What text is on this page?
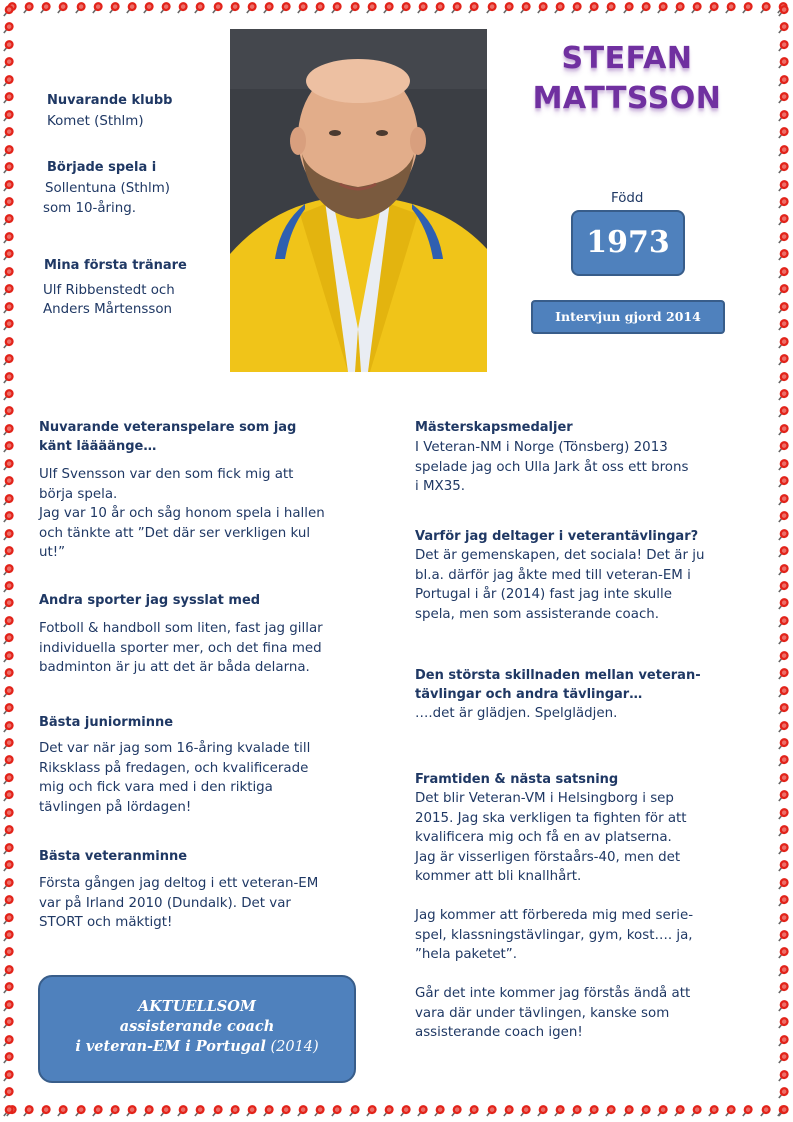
Nuvarande klubb
Komet (Sthlm)
Började spela i
Sollentuna (Sthlm)
som 10-åring.
Mina första tränare
Ulf Ribbenstedt och
Anders Mårtensson
STEFAN
MATTSSON
Född
1973
Intervjun gjord 2014
Nuvarande veteranspelare som jag
känt läääänge…
Ulf Svensson var den som fick mig att
börja spela.
Jag var 10 år och såg honom spela i hallen
och tänkte att ”Det där ser verkligen kul
ut!”
Andra sporter jag sysslat med
Fotboll & handboll som liten, fast jag gillar
individuella sporter mer, och det fina med
badminton är ju att det är båda delarna.
Bästa juniorminne
Det var när jag som 16-åring kvalade till
Riksklass på fredagen, och kvalificerade
mig och fick vara med i den riktiga
tävlingen på lördagen!
Bästa veteranminne
Första gången jag deltog i ett veteran-EM
var på Irland 2010 (Dundalk). Det var
STORT och mäktigt!
AKTUELLSOM
assisterande coach
i veteran-EM i Portugal (2014)
Mästerskapsmedaljer
I Veteran-NM i Norge (Tönsberg) 2013
spelade jag och Ulla Jark åt oss ett brons
i MX35.
Varför jag deltager i veterantävlingar?
Det är gemenskapen, det sociala! Det är ju
bl.a. därför jag åkte med till veteran-EM i
Portugal i år (2014) fast jag inte skulle
spela, men som assisterande coach.
Den största skillnaden mellan veteran-
tävlingar och andra tävlingar…
….det är glädjen. Spelglädjen.
Framtiden & nästa satsning
Det blir Veteran-VM i Helsingborg i sep
2015. Jag ska verkligen ta fighten för att
kvalificera mig och få en av platserna.
Jag är visserligen förstaårs-40, men det
kommer att bli knallhårt.
Jag kommer att förbereda mig med serie-
spel, klassningstävlingar, gym, kost…. ja,
”hela paketet”.
Går det inte kommer jag förstås ändå att
vara där under tävlingen, kanske som
assisterande coach igen!
